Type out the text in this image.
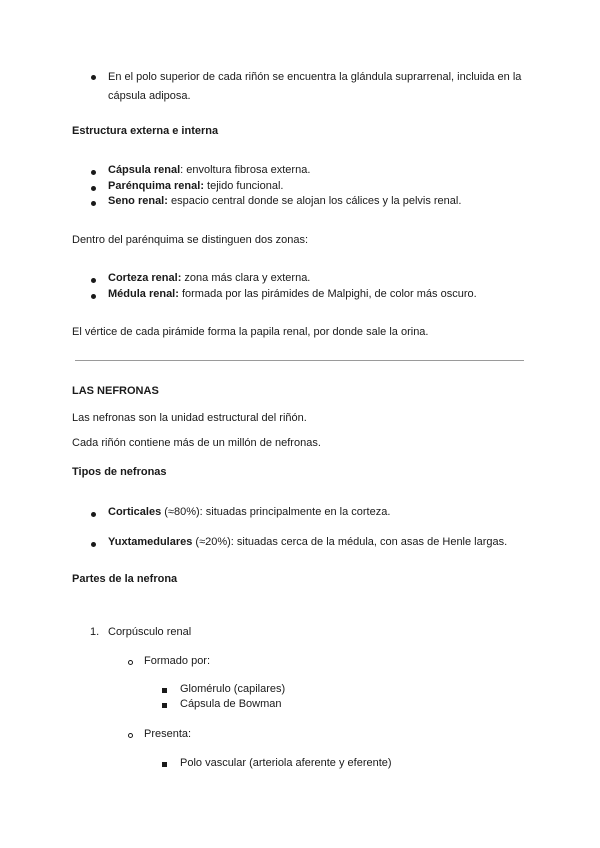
En el polo superior de cada riñón se encuentra la glándula suprarrenal, incluida en la
cápsula adiposa.
Estructura externa e interna
Cápsula renal: envoltura fibrosa externa.
Parénquima renal: tejido funcional.
Seno renal: espacio central donde se alojan los cálices y la pelvis renal.
Dentro del parénquima se distinguen dos zonas:
Corteza renal: zona más clara y externa.
Médula renal: formada por las pirámides de Malpighi, de color más oscuro.
El vértice de cada pirámide forma la papila renal, por donde sale la orina.
LAS NEFRONAS
Las nefronas son la unidad estructural del riñón.
Cada riñón contiene más de un millón de nefronas.
Tipos de nefronas
Corticales (≈80%): situadas principalmente en la corteza.
Yuxtamedulares (≈20%): situadas cerca de la médula, con asas de Henle largas.
Partes de la nefrona
1. Corpúsculo renal
Formado por:
Glomérulo (capilares)
Cápsula de Bowman
Presenta:
Polo vascular (arteriola aferente y eferente)
